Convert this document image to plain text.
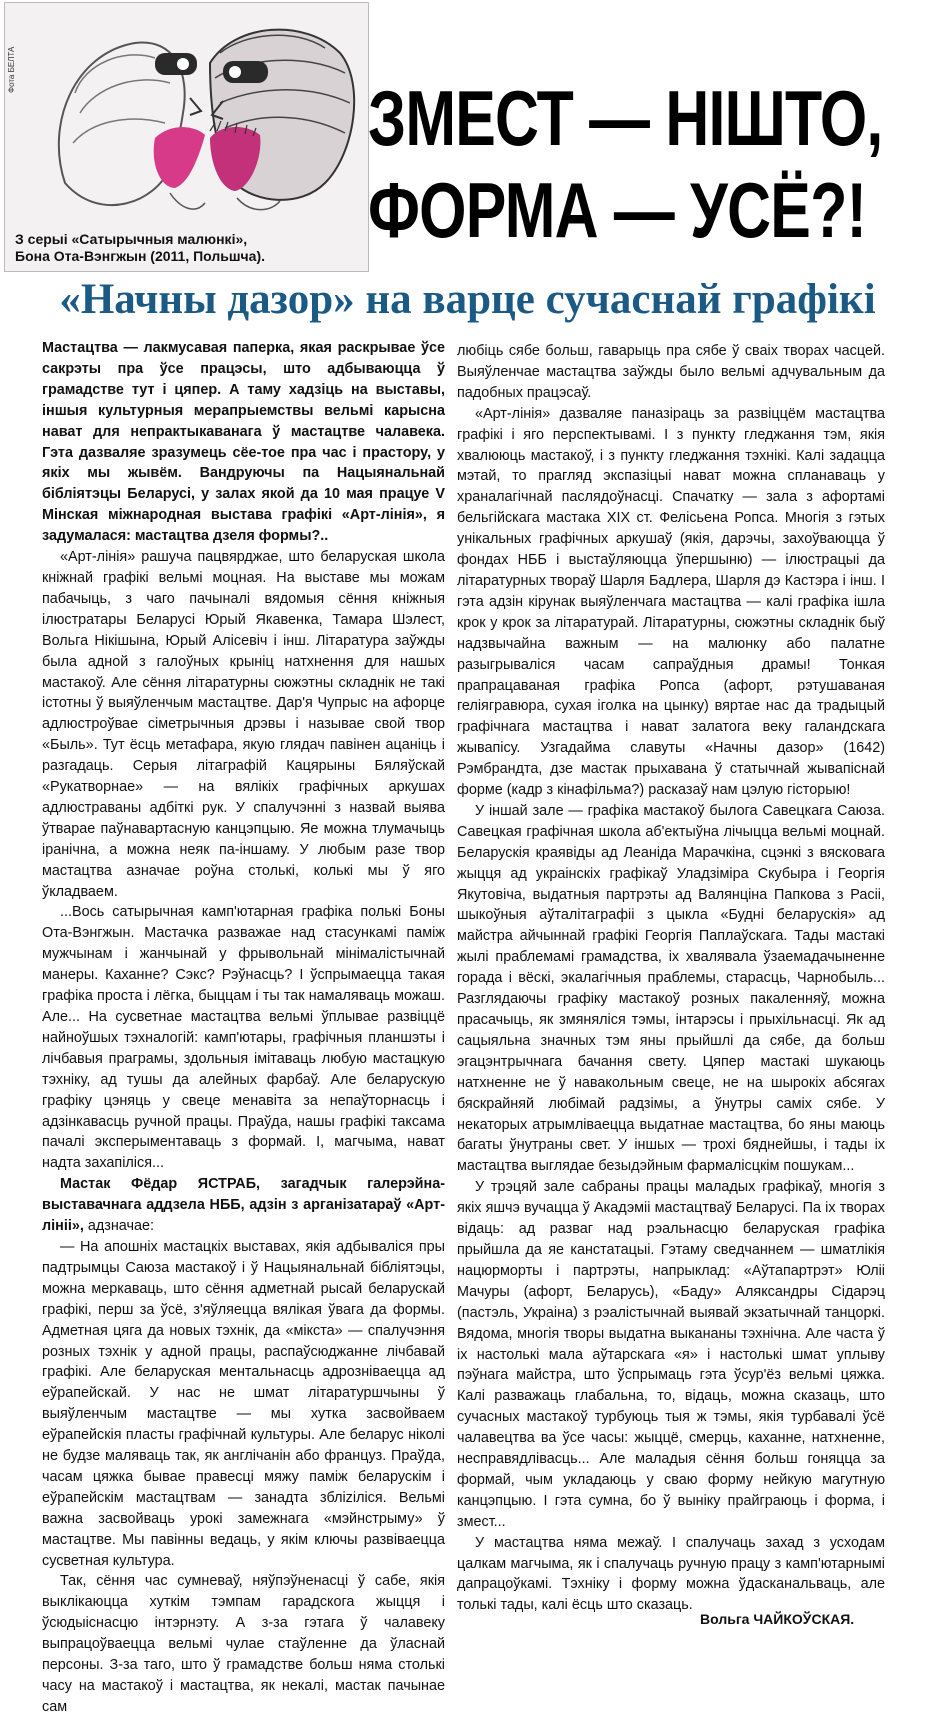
Фота БЕЛТА
З серыі «Сатырычныя малюнкі»,
Бона Ота-Вэнгжын (2011, Польшча).
ЗМЕСТ — НІШТО,
ФОРМА — УСЁ?!
«Начны дазор» на варце сучаснай графікі

Мастацтва — лакмусавая паперка, якая раскрывае ўсе сакрэты пра ўсе працэсы, што адбываюцца ў грамадстве тут і цяпер. А таму хадзіць на выставы, іншыя культурныя мерапрыемствы вельмі карысна нават для непрактыкаванага ў мастацтве чалавека. Гэта дазваляе зразумець сёе-тое пра час і прастору, у якіх мы жывём. Вандруючы па Нацыянальнай бібліятэцы Беларусі, у залах якой да 10 мая працуе V Мінская міжнародная выстава графікі «Арт-лінія», я задумалася: мастацтва дзеля формы?..

«Арт-лінія» рашуча пацвярджае, што беларуская школа кніжнай графікі вельмі моцная. На выставе мы можам пабачыць, з чаго пачыналі вядомыя сёння кніжныя ілюстратары Беларусі Юрый Якавенка, Тамара Шэлест, Вольга Нікішына, Юрый Алісевіч і інш. Літаратура заўжды была адной з галоўных крыніц натхнення для нашых мастакоў. Але сёння літаратурны сюжэтны складнік не такі істотны ў выяўленчым мастацтве. Дар'я Чупрыс на афорце адлюстроўвае сіметрычныя дрэвы і называе свой твор «Быль». Тут ёсць метафара, якую глядач павінен ацаніць і разгадаць. Серыя літаграфій Кацярыны Бяляўскай «Рукатворнае» — на вялікіх графічных аркушах адлюстраваны адбіткі рук. У спалучэнні з назвай выява ўтварае паўнавартасную канцэпцыю. Яе можна тлумачыць іранічна, а можна неяк па-іншаму. У любым разе твор мастацтва азначае роўна столькі, колькі мы ў яго ўкладваем.

...Вось сатырычная камп'ютарная графіка полькі Боны Ота-Вэнгжын. Мастачка разважае над стасункамі паміж мужчынам і жанчынай у фрывольнай мінімалістычнай манеры. Каханне? Сэкс? Рэўнасць? І ўспрымаецца такая графіка проста і лёгка, быццам і ты так намаляваць можаш. Але... На сусветнае мастацтва вельмі ўплывае развіццё найноўшых тэхналогій: камп'ютары, графічныя планшэты і лічбавыя праграмы, здольныя імітаваць любую мастацкую тэхніку, ад тушы да алейных фарбаў. Але беларускую графіку цэняць у свеце менавіта за непаўторнасць і адзінкавасць ручной працы. Праўда, нашы графікі таксама пачалі эксперыментаваць з формай. І, магчыма, нават надта захапіліся...

Мастак Фёдар ЯСТРАБ, загадчык галерэйна-выставачнага аддзела НББ, адзін з арганізатараў «Арт-лініі», адзначае:

— На апошніх мастацкіх выставах, якія адбываліся пры падтрымцы Саюза мастакоў і ў Нацыянальнай бібліятэцы, можна меркаваць, што сёння адметнай рысай беларускай графікі, перш за ўсё, з'яўляецца вялікая ўвага да формы. Адметная цяга да новых тэхнік, да «мікста» — спалучэння розных тэхнік у адной працы, распаўсюджанне лічбавай графікі. Але беларуская ментальнасць адрозніваецца ад еўрапейскай. У нас не шмат літаратуршчыны ў выяўленчым мастацтве — мы хутка засвойваем еўрапейскія пласты графічнай культуры. Але беларус ніколі не будзе маляваць так, як англічанін або француз. Праўда, часам цяжка бывае правесці мяжу паміж беларускім і еўрапейскім мастацтвам — занадта збліzіліся. Вельмі важна засвойваць урокі замежнага «мэйнстрыму» ў мастацтве. Мы павінны ведаць, у якім ключы развіваецца сусветная культура.

Так, сёння час сумневаў, няўпэўненасці ў сабе, якія выклікаюцца хуткім тэмпам гарадскога жыцця і ўсюдыіснасцю інтэрнэту. А з-за гэтага ў чалавеку выпрацоўваецца вельмі чулае стаўленне да ўласнай персоны. З-за таго, што ў грамадстве больш няма столькі часу на мастакоў і мастацтва, як некалі, мастак пачынае сам

любіць сябе больш, гаварыць пра сябе ў сваіх творах часцей. Выяўленчае мастацтва заўжды было вельмі адчувальным да падобных працэсаў.

«Арт-лінія» дазваляе паназіраць за развіццём мастацтва графікі і яго перспектывамі. І з пункту гледжання тэм, якія хвалююць мастакоў, і з пункту гледжання тэхнікі. Калі задацца мэтай, то прагляд экспазіцыі нават можна спланаваць у храналагічнай паслядоўнасці. Спачатку — зала з афортамі бельгійскага мастака XIX ст. Фелісьена Ропса. Многія з гэтых унікальных графічных аркушаў (якія, дарэчы, захоўваюцца ў фондах НББ і выстаўляюцца ўпершыню) — ілюстрацыі да літаратурных твораў Шарля Бадлера, Шарля дэ Кастэра і інш. І гэта адзін кірунак выяўленчага мастацтва — калі графіка ішла крок у крок за літаратурай. Літаратурны, сюжэтны складнік быў надзвычайна важным — на малюнку або палатне разыгрываліся часам сапраўдныя драмы! Тонкая прапрацаваная графіка Ропса (афорт, рэтушаваная геліягравюра, сухая іголка на цынку) вяртае нас да традыцый графічнага мастацтва і нават залатога веку галандскага жывапісу. Узгадайма славуты «Начны дазор» (1642) Рэмбрандта, дзе мастак прыхавана ў статычнай жывапіснай форме (кадр з кінафільма?) расказаў нам цэлую гісторыю!

У іншай зале — графіка мастакоў былога Савецкага Саюза. Савецкая графічная школа аб'ектыўна лічыцца вельмі моцнай. Беларускія краявіды ад Леаніда Марачкіна, сцэнкі з вясковага жыцця ад украінскіх графікаў Уладзіміра Скубыра і Георгія Якутовіча, выдатныя партрэты ад Валянціна Папкова з Расіі, шыкоўныя аўталітаграфіі з цыкла «Будні беларускія» ад майстра айчыннай графікі Георгія Паплаўскага. Тады мастакі жылі праблемамі грамадства, іх хвалявала ўзаемадачыненне горада і вёскі, экалагічныя праблемы, старасць, Чарнобыль... Разглядаючы графіку мастакоў розных пакаленняў, можна прасачыць, як змяняліся тэмы, інтарэсы і прыхільнасці. Як ад сацыяльна значных тэм яны прыйшлі да сябе, да больш эгацэнтрычнага бачання свету. Цяпер мастакі шукаюць натхненне не ў навакольным свеце, не на шырокіх абсягах бяскрайняй любімай радзімы, а ўнутры саміх сябе. У некаторых атрымліваецца выдатнае мастацтва, бо яны маюць багаты ўнутраны свет. У іншых — трохі бяднейшы, і тады іх мастацтва выглядае безыдэйным фармалісцкім пошукам...

У трэцяй зале сабраны працы маладых графікаў, многія з якіх яшчэ вучацца ў Акадэміі мастацтваў Беларусі. Па іх творах відаць: ад разваг над рэальнасцю беларуская графіка прыйшла да яе канстатацыі. Гэтаму сведчаннем — шматлікія нацюрморты і партрэты, напрыклад: «Аўтапартрэт» Юліі Мачуры (афорт, Беларусь), «Баду» Аляксандры Сідарэц (пастэль, Украіна) з рэалістычнай выявай экзатычнай танцоркі. Вядома, многія творы выдатна выкананы тэхнічна. Але часта ў іх настолькі мала аўтарскага «я» і настолькі шмат уплыву пэўнага майстра, што ўспрымаць гэта ўсур'ёз вельмі цяжка. Калі разважаць глабальна, то, відаць, можна сказаць, што сучасных мастакоў турбуюць тыя ж тэмы, якія турбавалі ўсё чалавецтва ва ўсе часы: жыццё, смерць, каханне, натхненне, несправядлівасць... Але маладыя сёння больш гоняцца за формай, чым укладаюць у сваю форму нейкую магутную канцэпцыю. І гэта сумна, бо ў выніку прайграюць і форма, і змест...

У мастацтва няма межаў. І спалучаць захад з усходам цалкам магчыма, як і спалучаць ручную працу з камп'ютарнымі дапрацоўкамі. Тэхніку і форму можна ўдасканальваць, але толькі тады, калі ёсць што сказаць.

Вольга ЧАЙКОЎСКАЯ.
